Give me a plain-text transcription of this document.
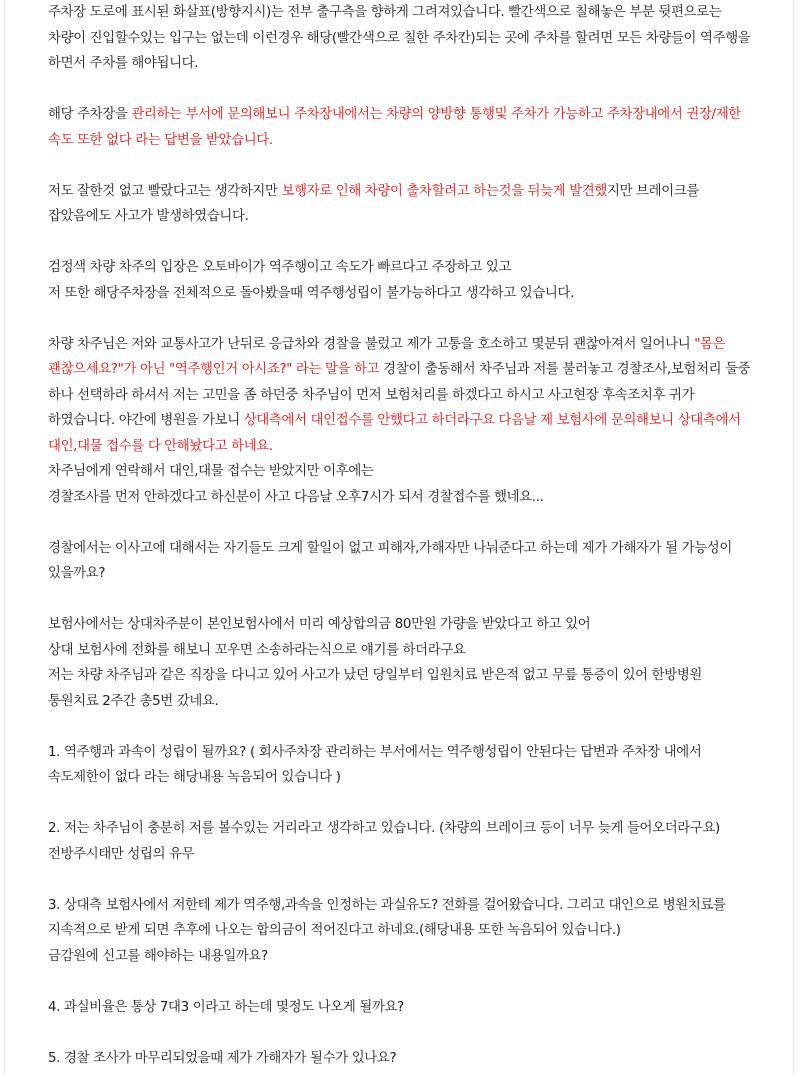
주차장 도로에 표시된 화살표(방향지시)는 전부 출구측을 향하게 그려져있습니다. 빨간색으로 칠해놓은 부분 뒷편으로는 차량이 진입할수있는 입구는 없는데 이런경우 해당(빨간색으로 칠한 주차칸)되는 곳에 주차를 할려면 모든 차량들이 역주행을 하면서 주차를 해야됩니다.

해당 주차장을 관리하는 부서에 문의해보니 주차장내에서는 차량의 양방향 통행및 주차가 가능하고 주차장내에서 권장/제한 속도 또한 없다 라는 답변을 받았습니다.

저도 잘한것 없고 빨랐다고는 생각하지만 보행자로 인해 차량이 출차할려고 하는것을 뒤늦게 발견했지만 브레이크를 잡았음에도 사고가 발생하였습니다.

검정색 차량 차주의 입장은 오토바이가 역주행이고 속도가 빠르다고 주장하고 있고

저 또한 해당주차장을 전체적으로 돌아봤을때 역주행성립이 불가능하다고 생각하고 있습니다.

차량 차주님은 저와 교통사고가 난뒤로 응급차와 경찰을 불렀고 제가 고통을 호소하고 몇분뒤 괜찮아져서 일어나니 "몸은 괜찮으세요?"가 아닌 "역주행인거 아시죠?" 라는 말을 하고 경찰이 출동해서 차주님과 저를 불러놓고 경찰조사,보험처리 둘중 하나 선택하라 하셔서 저는 고민을 좀 하던중 차주님이 먼저 보험처리를 하겠다고 하시고 사고현장 후속조치후 귀가 하였습니다. 야간에 병원을 가보니 상대측에서 대인접수를 안했다고 하더라구요 다음날 제 보험사에 문의해보니 상대측에서 대인,대물 접수를 다 안해놨다고 하네요.

차주님에게 연락해서 대인,대물 접수는 받았지만 이후에는

경찰조사를 먼저 안하겠다고 하신분이 사고 다음날 오후7시가 되서 경찰접수를 했네요...

경찰에서는 이사고에 대해서는 자기들도 크게 할일이 없고 피해자,가해자만 나눠준다고 하는데 제가 가해자가 될 가능성이 있을까요?

보험사에서는 상대차주분이 본인보험사에서 미리 예상합의금 80만원 가량을 받았다고 하고 있어

상대 보험사에 전화를 해보니 꼬우면 소송하라는식으로 얘기를 하더라구요

저는 차량 차주님과 같은 직장을 다니고 있어 사고가 났던 당일부터 입원치료 받은적 없고 무릎 통증이 있어 한방병원 통원치료 2주간 총5번 갔네요.

1. 역주행과 과속이 성립이 될까요? ( 회사주차장 관리하는 부서에서는 역주행성립이 안된다는 답변과 주차장 내에서 속도제한이 없다 라는 해당내용 녹음되어 있습니다 )

2. 저는 차주님이 충분히 저를 볼수있는 거리라고 생각하고 있습니다. (차량의 브레이크 등이 너무 늦게 들어오더라구요) 전방주시태만 성립의 유무

3. 상대측 보험사에서 저한테 제가 역주행,과속을 인정하는 과실유도? 전화를 걸어왔습니다. 그리고 대인으로 병원치료를 지속적으로 받게 되면 추후에 나오는 합의금이 적어진다고 하네요.(해당내용 또한 녹음되어 있습니다.)

금감원에 신고를 해야하는 내용일까요?

4. 과실비율은 통상 7대3 이라고 하는데 몇정도 나오게 될까요?

5. 경찰 조사가 마무리되었을때 제가 가해자가 될수가 있나요?
